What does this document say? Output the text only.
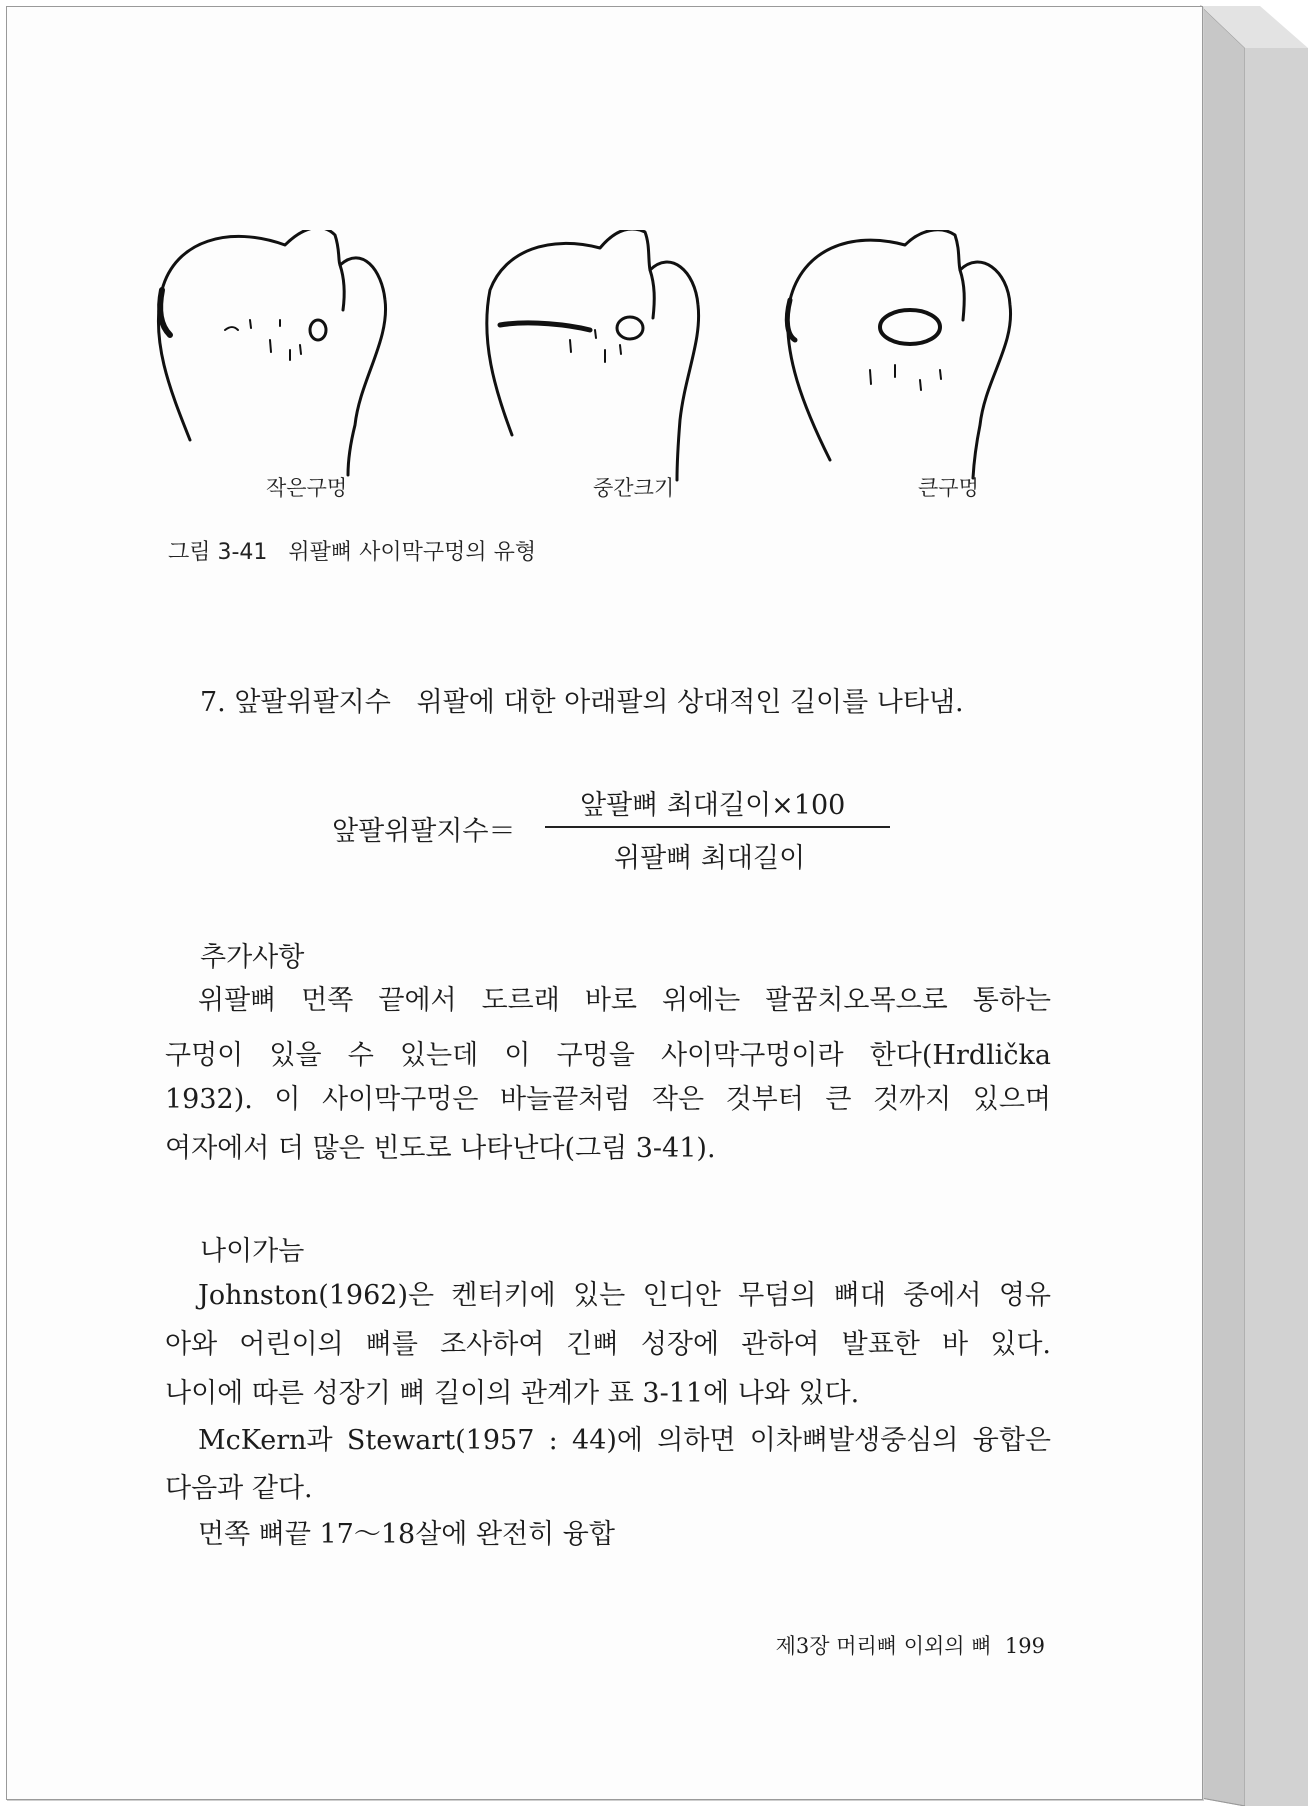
작은구멍	중간크기	큰구멍
그림 3-41   위팔뼈 사이막구멍의 유형
7. 앞팔위팔지수   위팔에 대한 아래팔의 상대적인 길이를 나타냄.
앞팔위팔지수＝
앞팔뼈 최대길이×100
위팔뼈 최대길이
추가사항
위팔뼈 먼쪽 끝에서 도르래 바로 위에는 팔꿈치오목으로 통하는
구멍이 있을 수 있는데 이 구멍을 사이막구멍이라 한다(Hrdlička
1932). 이 사이막구멍은 바늘끝처럼 작은 것부터 큰 것까지 있으며
여자에서 더 많은 빈도로 나타난다(그림 3-41).
나이가늠
Johnston(1962)은 켄터키에 있는 인디안 무덤의 뼈대 중에서 영유
아와 어린이의 뼈를 조사하여 긴뼈 성장에 관하여 발표한 바 있다.
나이에 따른 성장기 뼈 길이의 관계가 표 3-11에 나와 있다.
McKern과 Stewart(1957 : 44)에 의하면 이차뼈발생중심의 융합은
다음과 같다.
먼쪽 뼈끝 17～18살에 완전히 융합
제3장 머리뼈 이외의 뼈  199
